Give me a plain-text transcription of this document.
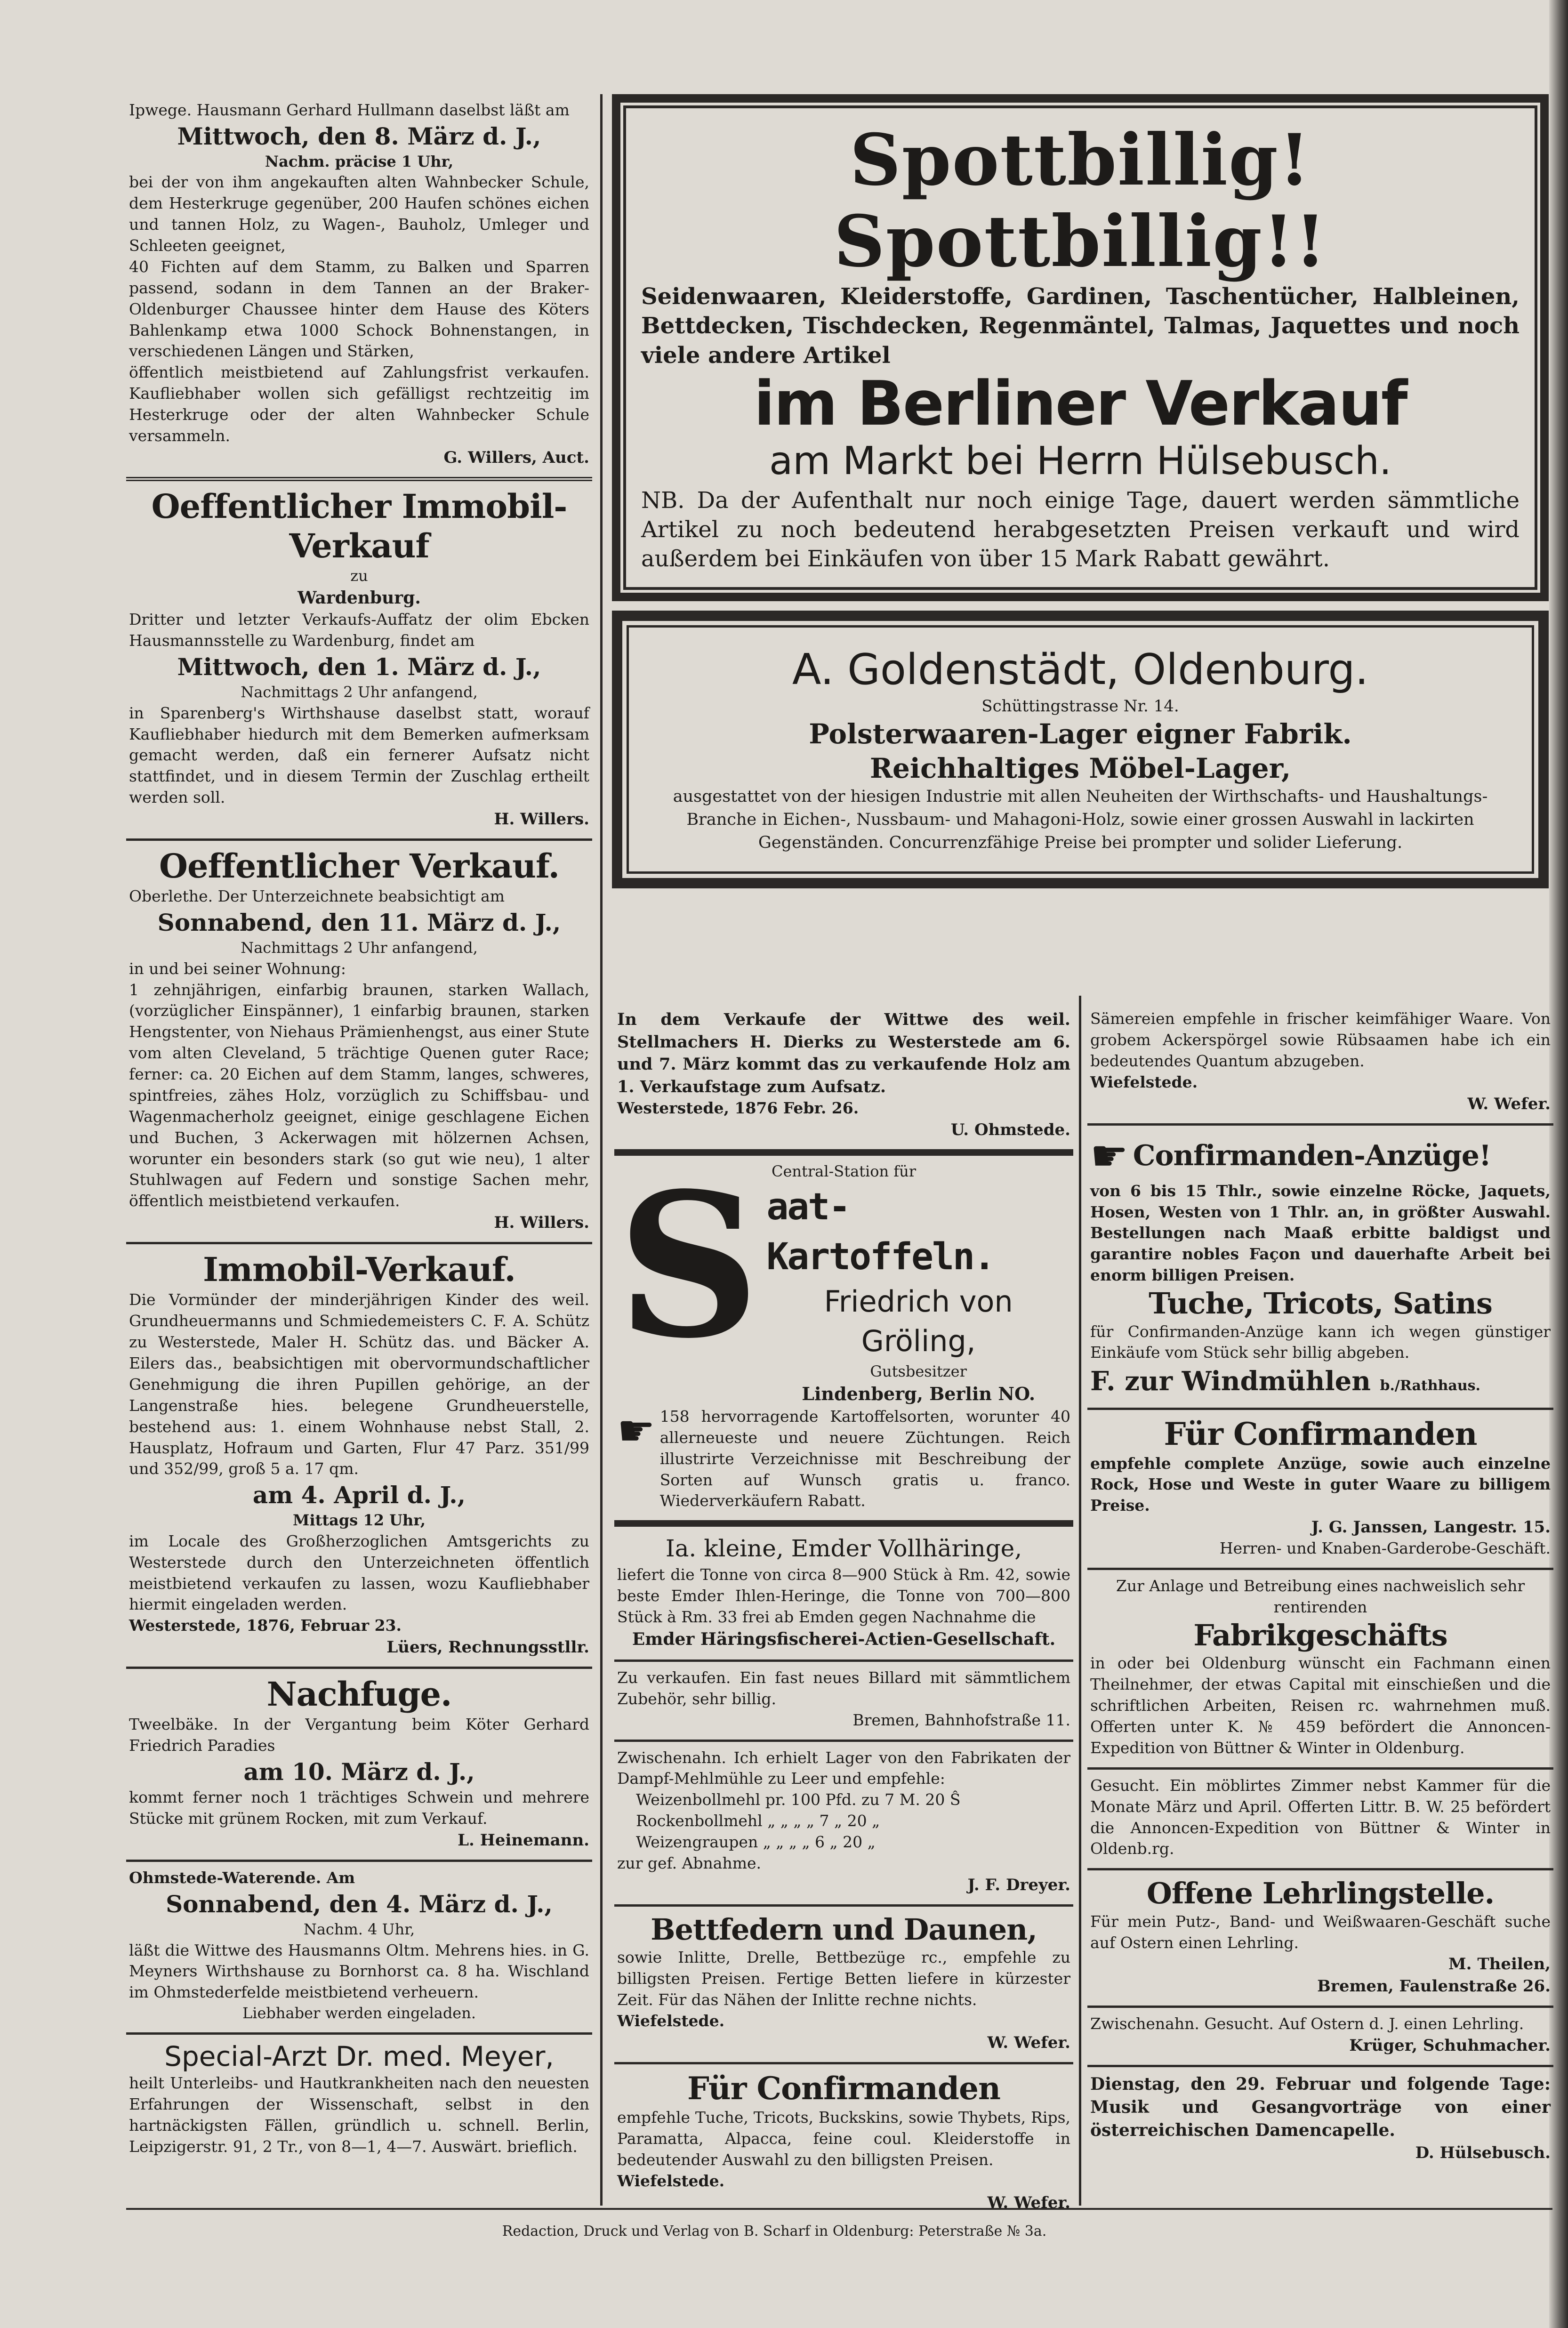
Ipwege. Hausmann Gerhard Hullmann daselbst läßt am

Mittwoch, den 8. März d. J.,

Nachm. präcise 1 Uhr,

bei der von ihm angekauften alten Wahnbecker Schule, dem Hesterkruge gegenüber, 200 Haufen schönes eichen und tannen Holz, zu Wagen-, Bauholz, Umleger und Schleeten geeignet,

40 Fichten auf dem Stamm, zu Balken und Sparren passend, sodann in dem Tannen an der Braker-Oldenburger Chaussee hinter dem Hause des Köters Bahlenkamp etwa 1000 Schock Bohnenstangen, in verschiedenen Längen und Stärken,

öffentlich meistbietend auf Zahlungsfrist verkaufen. Kaufliebhaber wollen sich gefälligst rechtzeitig im Hesterkruge oder der alten Wahnbecker Schule versammeln.

G. Willers, Auct.

Oeffentlicher Immobil-Verkauf

zu

Wardenburg.

Dritter und letzter Verkaufs-Auffatz der olim Ebcken Hausmannsstelle zu Wardenburg, findet am

Mittwoch, den 1. März d. J.,

Nachmittags 2 Uhr anfangend,

in Sparenberg's Wirthshause daselbst statt, worauf Kaufliebhaber hiedurch mit dem Bemerken aufmerksam gemacht werden, daß ein fernerer Aufsatz nicht stattfindet, und in diesem Termin der Zuschlag ertheilt werden soll.

H. Willers.

Oeffentlicher Verkauf.

Oberlethe. Der Unterzeichnete beabsichtigt am

Sonnabend, den 11. März d. J.,

Nachmittags 2 Uhr anfangend,

in und bei seiner Wohnung:

1 zehnjährigen, einfarbig braunen, starken Wallach, (vorzüglicher Einspänner), 1 einfarbig braunen, starken Hengstenter, von Niehaus Prämienhengst, aus einer Stute vom alten Cleveland, 5 trächtige Quenen guter Race; ferner: ca. 20 Eichen auf dem Stamm, langes, schweres, spintfreies, zähes Holz, vorzüglich zu Schiffsbau- und Wagenmacherholz geeignet, einige geschlagene Eichen und Buchen, 3 Ackerwagen mit hölzernen Achsen, worunter ein besonders stark (so gut wie neu), 1 alter Stuhlwagen auf Federn und sonstige Sachen mehr, öffentlich meistbietend verkaufen.

H. Willers.

Immobil-Verkauf.

Die Vormünder der minderjährigen Kinder des weil. Grundheuermanns und Schmiedemeisters C. F. A. Schütz zu Westerstede, Maler H. Schütz das. und Bäcker A. Eilers das., beabsichtigen mit obervormundschaftlicher Genehmigung die ihren Pupillen gehörige, an der Langenstraße hies. belegene Grundheuerstelle, bestehend aus: 1. einem Wohnhause nebst Stall, 2. Hausplatz, Hofraum und Garten, Flur 47 Parz. 351/99 und 352/99, groß 5 a. 17 qm.

am 4. April d. J.,

Mittags 12 Uhr,

im Locale des Großherzoglichen Amtsgerichts zu Westerstede durch den Unterzeichneten öffentlich meistbietend verkaufen zu lassen, wozu Kaufliebhaber hiermit eingeladen werden.

Westerstede, 1876, Februar 23.

Lüers, Rechnungsstllr.

Nachfuge.

Tweelbäke. In der Vergantung beim Köter Gerhard Friedrich Paradies

am 10. März d. J.,

kommt ferner noch 1 trächtiges Schwein und mehrere Stücke mit grünem Rocken, mit zum Verkauf.

L. Heinemann.

Ohmstede-Waterende. Am

Sonnabend, den 4. März d. J.,

Nachm. 4 Uhr,

läßt die Wittwe des Hausmanns Oltm. Mehrens hies. in G. Meyners Wirthshause zu Bornhorst ca. 8 ha. Wischland im Ohmstederfelde meistbietend verheuern.

Liebhaber werden eingeladen.

Special-Arzt Dr. med. Meyer,

heilt Unterleibs- und Hautkrankheiten nach den neuesten Erfahrungen der Wissenschaft, selbst in den hartnäckigsten Fällen, gründlich u. schnell. Berlin, Leipzigerstr. 91, 2 Tr., von 8—1, 4—7. Auswärt. brieflich.

Spottbillig! Spottbillig!!

Seidenwaaren, Kleiderstoffe, Gardinen, Taschentücher, Halbleinen, Bettdecken, Tischdecken, Regenmäntel, Talmas, Jaquettes und noch viele andere Artikel

im Berliner Verkauf

am Markt bei Herrn Hülsebusch.

NB. Da der Aufenthalt nur noch einige Tage, dauert werden sämmtliche Artikel zu noch bedeutend herabgesetzten Preisen verkauft und wird außerdem bei Einkäufen von über 15 Mark Rabatt gewährt.

A. Goldenstädt, Oldenburg.

Schüttingstrasse Nr. 14.

Polsterwaaren-Lager eigner Fabrik.

Reichhaltiges Möbel-Lager,

ausgestattet von der hiesigen Industrie mit allen Neuheiten der Wirthschafts- und Haushaltungs-Branche in Eichen-, Nussbaum- und Mahagoni-Holz, sowie einer grossen Auswahl in lackirten Gegenständen. Concurrenzfähige Preise bei prompter und solider Lieferung.

In dem Verkaufe der Wittwe des weil. Stellmachers H. Dierks zu Westerstede am 6. und 7. März kommt das zu verkaufende Holz am 1. Verkaufstage zum Aufsatz.

Westerstede, 1876 Febr. 26.

U. Ohmstede.

Central-Station für

S aat-Kartoffeln.

Friedrich von Gröling,

Gutsbesitzer

Lindenberg, Berlin NO.

☛ 158 hervorragende Kartoffelsorten, worunter 40 allerneueste und neuere Züchtungen. Reich illustrirte Verzeichnisse mit Beschreibung der Sorten auf Wunsch gratis u. franco. Wiederverkäufern Rabatt.

Ia. kleine, Emder Vollhäringe,

liefert die Tonne von circa 8—900 Stück à Rm. 42, sowie beste Emder Ihlen-Heringe, die Tonne von 700—800 Stück à Rm. 33 frei ab Emden gegen Nachnahme die

Emder Häringsfischerei-Actien-Gesellschaft.

Zu verkaufen. Ein fast neues Billard mit sämmtlichem Zubehör, sehr billig.

Bremen, Bahnhofstraße 11.

Zwischenahn. Ich erhielt Lager von den Fabrikaten der Dampf-Mehlmühle zu Leer und empfehle:

Weizenbollmehl pr. 100 Pfd. zu 7 M. 20 Ŝ

Rockenbollmehl „ „ „ „ 7 „ 20 „

Weizengraupen „ „ „ „ 6 „ 20 „

zur gef. Abnahme.

J. F. Dreyer.

Bettfedern und Daunen,

sowie Inlitte, Drelle, Bettbezüge rc., empfehle zu billigsten Preisen. Fertige Betten liefere in kürzester Zeit. Für das Nähen der Inlitte rechne nichts.

Wiefelstede.

W. Wefer.

Für Confirmanden

empfehle Tuche, Tricots, Buckskins, sowie Thybets, Rips, Paramatta, Alpacca, feine coul. Kleiderstoffe in bedeutender Auswahl zu den billigsten Preisen.

Wiefelstede.

W. Wefer.

Sämereien empfehle in frischer keimfähiger Waare. Von grobem Ackerspörgel sowie Rübsaamen habe ich ein bedeutendes Quantum abzugeben.

Wiefelstede.

W. Wefer.

☛ Confirmanden-Anzüge!

von 6 bis 15 Thlr., sowie einzelne Röcke, Jaquets, Hosen, Westen von 1 Thlr. an, in größter Auswahl. Bestellungen nach Maaß erbitte baldigst und garantire nobles Façon und dauerhafte Arbeit bei enorm billigen Preisen.

Tuche, Tricots, Satins

für Confirmanden-Anzüge kann ich wegen günstiger Einkäufe vom Stück sehr billig abgeben.

F. zur Windmühlen b./Rathhaus.

Für Confirmanden

empfehle complete Anzüge, sowie auch einzelne Rock, Hose und Weste in guter Waare zu billigem Preise.

J. G. Janssen, Langestr. 15.

Herren- und Knaben-Garderobe-Geschäft.

Zur Anlage und Betreibung eines nachweislich sehr rentirenden

Fabrikgeschäfts

in oder bei Oldenburg wünscht ein Fachmann einen Theilnehmer, der etwas Capital mit einschießen und die schriftlichen Arbeiten, Reisen rc. wahrnehmen muß. Offerten unter K. № 459 befördert die Annoncen-Expedition von Büttner & Winter in Oldenburg.

Gesucht. Ein möblirtes Zimmer nebst Kammer für die Monate März und April. Offerten Littr. B. W. 25 befördert die Annoncen-Expedition von Büttner & Winter in Oldenb.rg.

Offene Lehrlingstelle.

Für mein Putz-, Band- und Weißwaaren-Geschäft suche auf Ostern einen Lehrling.

M. Theilen,

Bremen, Faulenstraße 26.

Zwischenahn. Gesucht. Auf Ostern d. J. einen Lehrling.

Krüger, Schuhmacher.

Dienstag, den 29. Februar und folgende Tage: Musik und Gesangvorträge von einer österreichischen Damencapelle.

D. Hülsebusch.

Redaction, Druck und Verlag von B. Scharf in Oldenburg: Peterstraße № 3a.
